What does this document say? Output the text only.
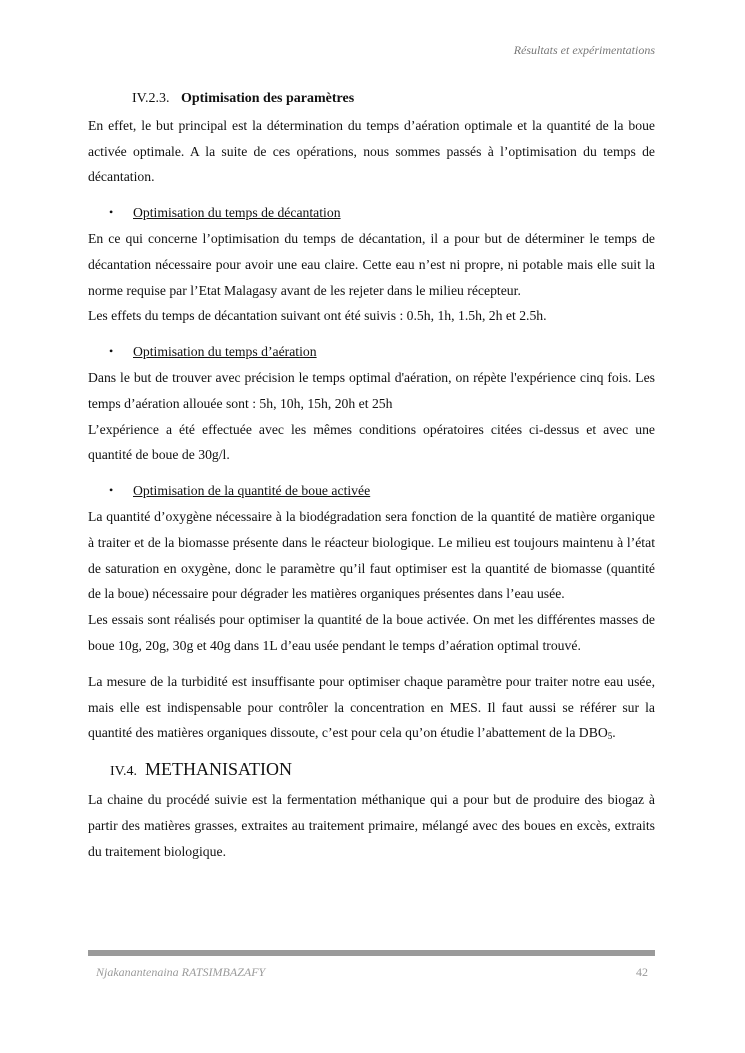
Résultats et expérimentations
IV.2.3. Optimisation des paramètres

En effet, le but principal est la détermination du temps d’aération optimale et la quantité de la boue activée optimale. A la suite de ces opérations, nous sommes passés à l’optimisation du temps de décantation.

•	Optimisation du temps de décantation

En ce qui concerne l’optimisation du temps de décantation, il a pour but de déterminer le temps de décantation nécessaire pour avoir une eau claire. Cette eau n’est ni propre, ni potable mais elle suit la norme requise par l’Etat Malagasy avant de les rejeter dans le milieu récepteur.

Les effets du temps de décantation suivant ont été suivis : 0.5h, 1h, 1.5h, 2h et 2.5h.

•	Optimisation du temps d’aération

Dans le but de trouver avec précision le temps optimal d'aération, on répète l'expérience cinq fois. Les temps d’aération allouée sont : 5h, 10h, 15h, 20h et 25h

L’expérience a été effectuée avec les mêmes conditions opératoires citées ci-dessus et avec une quantité de boue de 30g/l.

•	Optimisation de la quantité de boue activée

La quantité d’oxygène nécessaire à la biodégradation sera fonction de la quantité de matière organique à traiter et de la biomasse présente dans le réacteur biologique. Le milieu est toujours maintenu à l’état de saturation en oxygène, donc le paramètre qu’il faut optimiser est la quantité de biomasse (quantité de la boue) nécessaire pour dégrader les matières organiques présentes dans l’eau usée.

Les essais sont réalisés pour optimiser la quantité de la boue activée. On met les différentes masses de boue 10g, 20g, 30g et 40g dans 1L d’eau usée pendant le temps d’aération optimal trouvé.

La mesure de la turbidité est insuffisante pour optimiser chaque paramètre pour traiter notre eau usée, mais elle est indispensable pour contrôler la concentration en MES. Il faut aussi se référer sur la quantité des matières organiques dissoute, c’est pour cela qu’on étudie l’abattement de la $DBO_5$.

IV.4. METHANISATION

La chaine du procédé suivie est la fermentation méthanique qui a pour but de produire des biogaz à partir des matières grasses, extraites au traitement primaire, mélangé avec des boues en excès, extraits du traitement biologique.

Njakanantenaina RATSIMBAZAFY	42
